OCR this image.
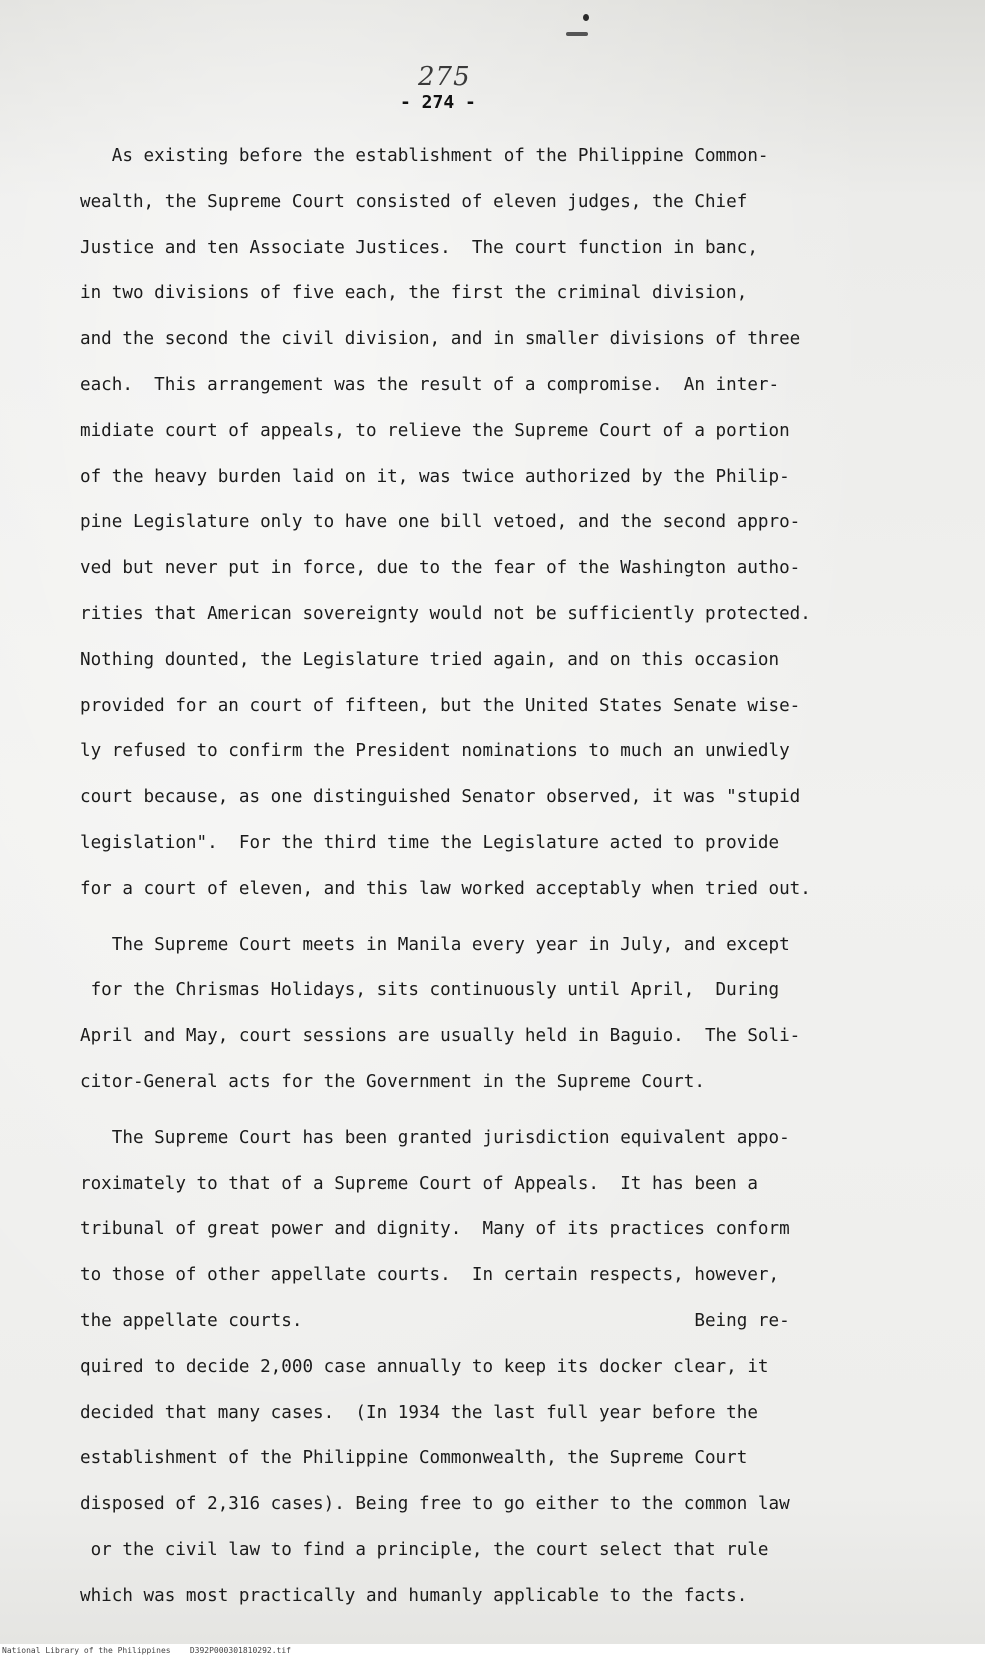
275
- 274 -
As existing before the establishment of the Philippine Common-
wealth, the Supreme Court consisted of eleven judges, the Chief
Justice and ten Associate Justices.  The court function in banc,
in two divisions of five each, the first the criminal division,
and the second the civil division, and in smaller divisions of three
each.  This arrangement was the result of a compromise.  An inter-
midiate court of appeals, to relieve the Supreme Court of a portion
of the heavy burden laid on it, was twice authorized by the Philip-
pine Legislature only to have one bill vetoed, and the second appro-
ved but never put in force, due to the fear of the Washington autho-
rities that American sovereignty would not be sufficiently protected.
Nothing dounted, the Legislature tried again, and on this occasion
provided for an court of fifteen, but the United States Senate wise-
ly refused to confirm the President nominations to much an unwiedly
court because, as one distinguished Senator observed, it was "stupid
legislation".  For the third time the Legislature acted to provide
for a court of eleven, and this law worked acceptably when tried out.
The Supreme Court meets in Manila every year in July, and except
for the Chrismas Holidays, sits continuously until April,  During
April and May, court sessions are usually held in Baguio.  The Soli-
citor-General acts for the Government in the Supreme Court.
The Supreme Court has been granted jurisdiction equivalent appo-
roximately to that of a Supreme Court of Appeals.  It has been a
tribunal of great power and dignity.  Many of its practices conform
to those of other appellate courts.  In certain respects, however,
the appellate courts.                                     Being re-
quired to decide 2,000 case annually to keep its docker clear, it
decided that many cases.  (In 1934 the last full year before the
establishment of the Philippine Commonwealth, the Supreme Court
disposed of 2,316 cases). Being free to go either to the common law
or the civil law to find a principle, the court select that rule
which was most practically and humanly applicable to the facts.
National Library of the Philippines    D392P000301810292.tif
